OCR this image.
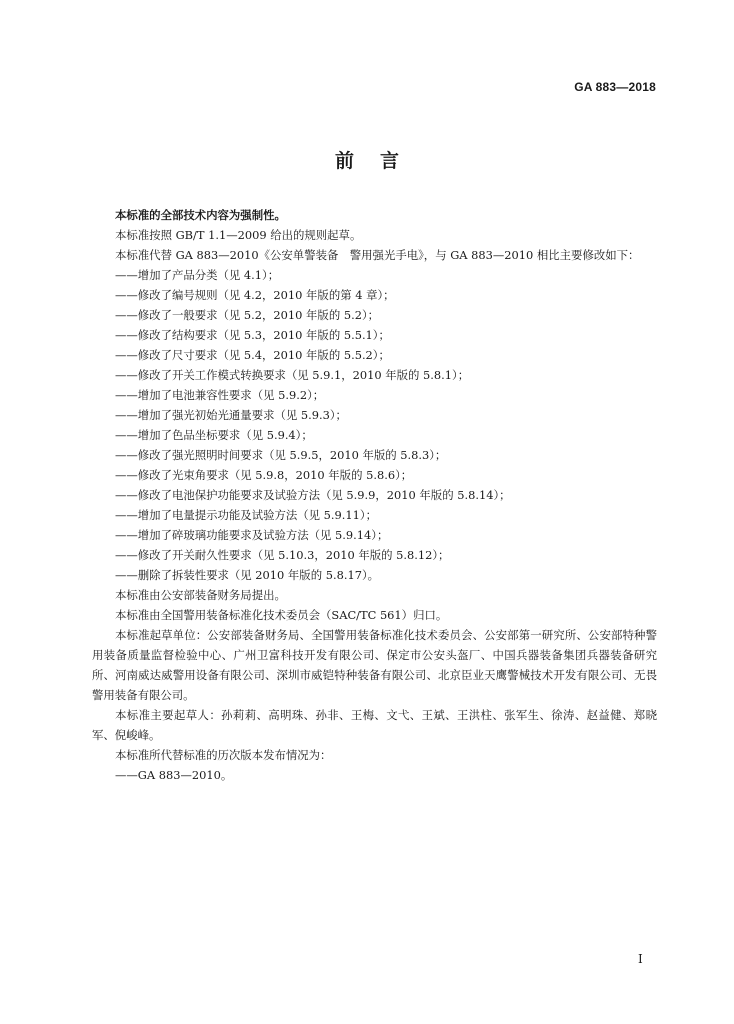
GA 883—2018
前言

本标准的全部技术内容为强制性。

本标准按照 GB/T 1.1—2009 给出的规则起草。

本标准代替 GA 883—2010《公安单警装备　警用强光手电》，与 GA 883—2010 相比主要修改如下：

——增加了产品分类（见 4.1）；

——修改了编号规则（见 4.2，2010 年版的第 4 章）；

——修改了一般要求（见 5.2，2010 年版的 5.2）；

——修改了结构要求（见 5.3，2010 年版的 5.5.1）；

——修改了尺寸要求（见 5.4，2010 年版的 5.5.2）；

——修改了开关工作模式转换要求（见 5.9.1，2010 年版的 5.8.1）；

——增加了电池兼容性要求（见 5.9.2）；

——增加了强光初始光通量要求（见 5.9.3）；

——增加了色品坐标要求（见 5.9.4）；

——修改了强光照明时间要求（见 5.9.5，2010 年版的 5.8.3）；

——修改了光束角要求（见 5.9.8，2010 年版的 5.8.6）；

——修改了电池保护功能要求及试验方法（见 5.9.9，2010 年版的 5.8.14）；

——增加了电量提示功能及试验方法（见 5.9.11）；

——增加了碎玻璃功能要求及试验方法（见 5.9.14）；

——修改了开关耐久性要求（见 5.10.3，2010 年版的 5.8.12）；

——删除了拆装性要求（见 2010 年版的 5.8.17）。

本标准由公安部装备财务局提出。

本标准由全国警用装备标准化技术委员会（SAC/TC 561）归口。

本标准起草单位：公安部装备财务局、全国警用装备标准化技术委员会、公安部第一研究所、公安部特种警用装备质量监督检验中心、广州卫富科技开发有限公司、保定市公安头盔厂、中国兵器装备集团兵器装备研究所、河南威达威警用设备有限公司、深圳市威铠特种装备有限公司、北京臣业天鹰警械技术开发有限公司、无畏警用装备有限公司。

本标准主要起草人：孙莉莉、高明珠、孙非、王梅、文弋、王斌、王洪柱、张军生、徐涛、赵益健、郑晓军、倪峻峰。

本标准所代替标准的历次版本发布情况为：

——GA 883—2010。

I
